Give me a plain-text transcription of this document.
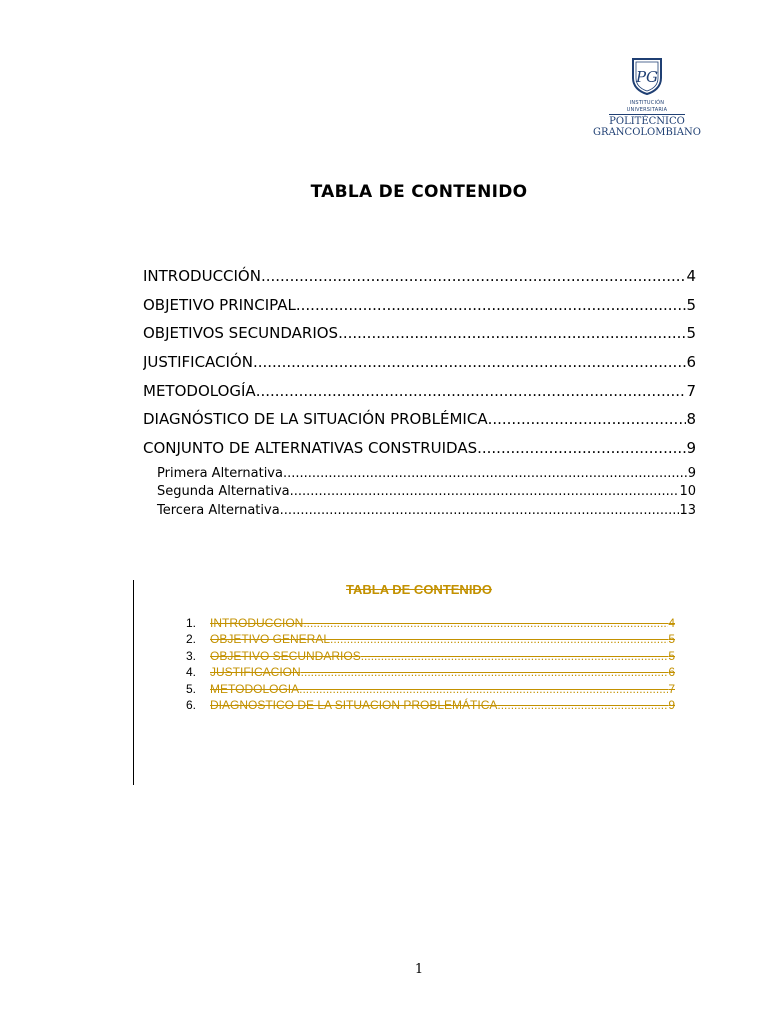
PG
INSTITUCIÓN UNIVERSITARIA
POLITÉCNICO
GRANCOLOMBIANO
TABLA DE CONTENIDO
INTRODUCCIÓN .....	4
OBJETIVO PRINCIPAL .....	5
OBJETIVOS SECUNDARIOS .....	5
JUSTIFICACIÓN .....	6
METODOLOGÍA .....	7
DIAGNÓSTICO DE LA SITUACIÓN PROBLÉMICA .....	8
CONJUNTO DE ALTERNATIVAS CONSTRUIDAS .....	9
Primera Alternativa .....	9
Segunda Alternativa .....	10
Tercera Alternativa .....	13
TABLA DE CONTENIDO
1.	INTRODUCCION .....	4
2.	OBJETIVO GENERAL .....	5
3.	OBJETIVO SECUNDARIOS .....	5
4.	JUSTIFICACION .....	6
5.	METODOLOGIA .....	7
6.	DIAGNOSTICO DE LA SITUACION PROBLEMÁTICA .....	9
1
